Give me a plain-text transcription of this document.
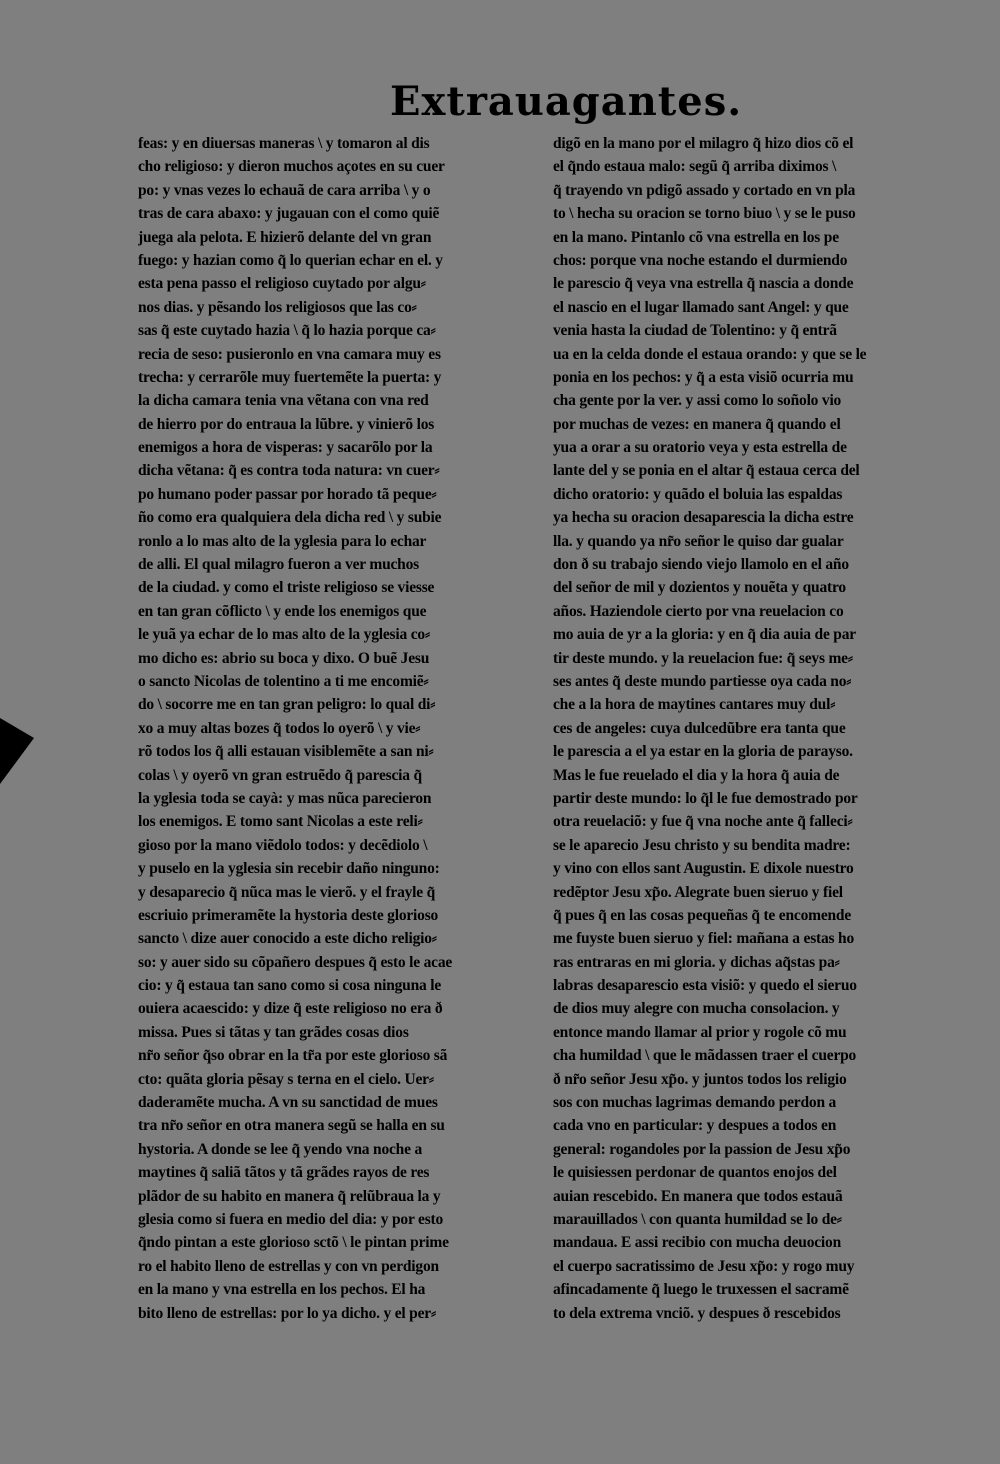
Extrauagantes.
feas: y en diuersas maneras \ y tomaron al dis
cho religioso: y dieron muchos açotes en su cuer
po: y vnas vezes lo echauã de cara arriba \ y o
tras de cara abaxo: y jugauan con el como quiẽ
juega ala pelota. E hizierõ delante del vn gran
fuego: y hazian como q̃ lo querian echar en el. y
esta pena passo el religioso cuytado por algu⸗
nos dias. y pẽsando los religiosos que las co⸗
sas q̃ este cuytado hazia \ q̃ lo hazia porque ca⸗
recia de seso: pusieronlo en vna camara muy es
trecha: y cerrarõle muy fuertemẽte la puerta: y
la dicha camara tenia vna vẽtana con vna red
de hierro por do entraua la lũbre. y vinierõ los
enemigos a hora de visperas: y sacarõlo por la
dicha vẽtana: q̃ es contra toda natura: vn cuer⸗
po humano poder passar por horado tã peque⸗
ño como era qualquiera dela dicha red \ y subie
ronlo a lo mas alto de la yglesia para lo echar
de alli. El qual milagro fueron a ver muchos
de la ciudad. y como el triste religioso se viesse
en tan gran cõflicto \ y ende los enemigos que
le yuã ya echar de lo mas alto de la yglesia co⸗
mo dicho es: abrio su boca y dixo. O buẽ Jesu
o sancto Nicolas de tolentino a ti me encomiẽ⸗
do \ socorre me en tan gran peligro: lo qual di⸗
xo a muy altas bozes q̃ todos lo oyerõ \ y vie⸗
rõ todos los q̃ alli estauan visiblemẽte a san ni⸗
colas \ y oyerõ vn gran estruẽdo q̃ parescia q̃
la yglesia toda se cayà: y mas nũca parecieron
los enemigos. E tomo sant Nicolas a este reli⸗
gioso por la mano viẽdolo todos: y decẽdiolo \
y puselo en la yglesia sin recebir daño ninguno:
y desaparecio q̃ nũca mas le vierõ. y el frayle q̃
escriuio primeramẽte la hystoria deste glorioso
sancto \ dize auer conocido a este dicho religio⸗
so: y auer sido su cõpañero despues q̃ esto le acae
cio: y q̃ estaua tan sano como si cosa ninguna le
ouiera acaescido: y dize q̃ este religioso no era ð
missa. Pues si tãtas y tan grãdes cosas dios
nr̃o señor q̃so obrar en la tr̃a por este glorioso sã
cto: quãta gloria pẽsay s terna en el cielo. Uer⸗
daderamẽte mucha. A vn su sanctidad de mues
tra nr̃o señor en otra manera segũ se halla en su
hystoria. A donde se lee q̃ yendo vna noche a
maytines q̃ saliã tãtos y tã grãdes rayos de res
plãdor de su habito en manera q̃ relũbraua la y
glesia como si fuera en medio del dia: y por esto
q̃ndo pintan a este glorioso sctõ \ le pintan prime
ro el habito lleno de estrellas y con vn perdigon
en la mano y vna estrella en los pechos. El ha
bito lleno de estrellas: por lo ya dicho. y el per⸗
digõ en la mano por el milagro q̃ hizo dios cõ el
el q̃ndo estaua malo: segũ q̃ arriba diximos \
q̃ trayendo vn pdigõ assado y cortado en vn pla
to \ hecha su oracion se torno biuo \ y se le puso
en la mano. Pintanlo cõ vna estrella en los pe
chos: porque vna noche estando el durmiendo
le parescio q̃ veya vna estrella q̃ nascia a donde
el nascio en el lugar llamado sant Angel: y que
venia hasta la ciudad de Tolentino: y q̃ entrã
ua en la celda donde el estaua orando: y que se le
ponia en los pechos: y q̃ a esta visiõ ocurria mu
cha gente por la ver. y assi como lo soñolo vio
por muchas de vezes: en manera q̃ quando el
yua a orar a su oratorio veya y esta estrella de
lante del y se ponia en el altar q̃ estaua cerca del
dicho oratorio: y quãdo el boluia las espaldas
ya hecha su oracion desaparescia la dicha estre
lla. y quando ya nr̃o señor le quiso dar gualar
don ð su trabajo siendo viejo llamolo en el año
del señor de mil y dozientos y nouẽta y quatro
años. Haziendole cierto por vna reuelacion co
mo auia de yr a la gloria: y en q̃ dia auia de par
tir deste mundo. y la reuelacion fue: q̃ seys me⸗
ses antes q̃ deste mundo partiesse oya cada no⸗
che a la hora de maytines cantares muy dul⸗
ces de angeles: cuya dulcedũbre era tanta que
le parescia a el ya estar en la gloria de parayso.
Mas le fue reuelado el dia y la hora q̃ auia de
partir deste mundo: lo q̃l le fue demostrado por
otra reuelaciõ: y fue q̃ vna noche ante q̃ falleci⸗
se le aparecio Jesu christo y su bendita madre:
y vino con ellos sant Augustin. E dixole nuestro
redẽptor Jesu xp̃o. Alegrate buen sieruo y fiel
q̃ pues q̃ en las cosas pequeñas q̃ te encomende
me fuyste buen sieruo y fiel: mañana a estas ho
ras entraras en mi gloria. y dichas aq̃stas pa⸗
labras desaparescio esta visiõ: y quedo el sieruo
de dios muy alegre con mucha consolacion. y
entonce mando llamar al prior y rogole cõ mu
cha humildad \ que le mãdassen traer el cuerpo
ð nr̃o señor Jesu xp̃o. y juntos todos los religio
sos con muchas lagrimas demando perdon a
cada vno en particular: y despues a todos en
general: rogandoles por la passion de Jesu xp̃o
le quisiessen perdonar de quantos enojos del
auian rescebido. En manera que todos estauã
marauillados \ con quanta humildad se lo de⸗
mandaua. E assi recibio con mucha deuocion
el cuerpo sacratissimo de Jesu xp̃o: y rogo muy
afincadamente q̃ luego le truxessen el sacramẽ
to dela extrema vnciõ. y despues ð rescebidos
